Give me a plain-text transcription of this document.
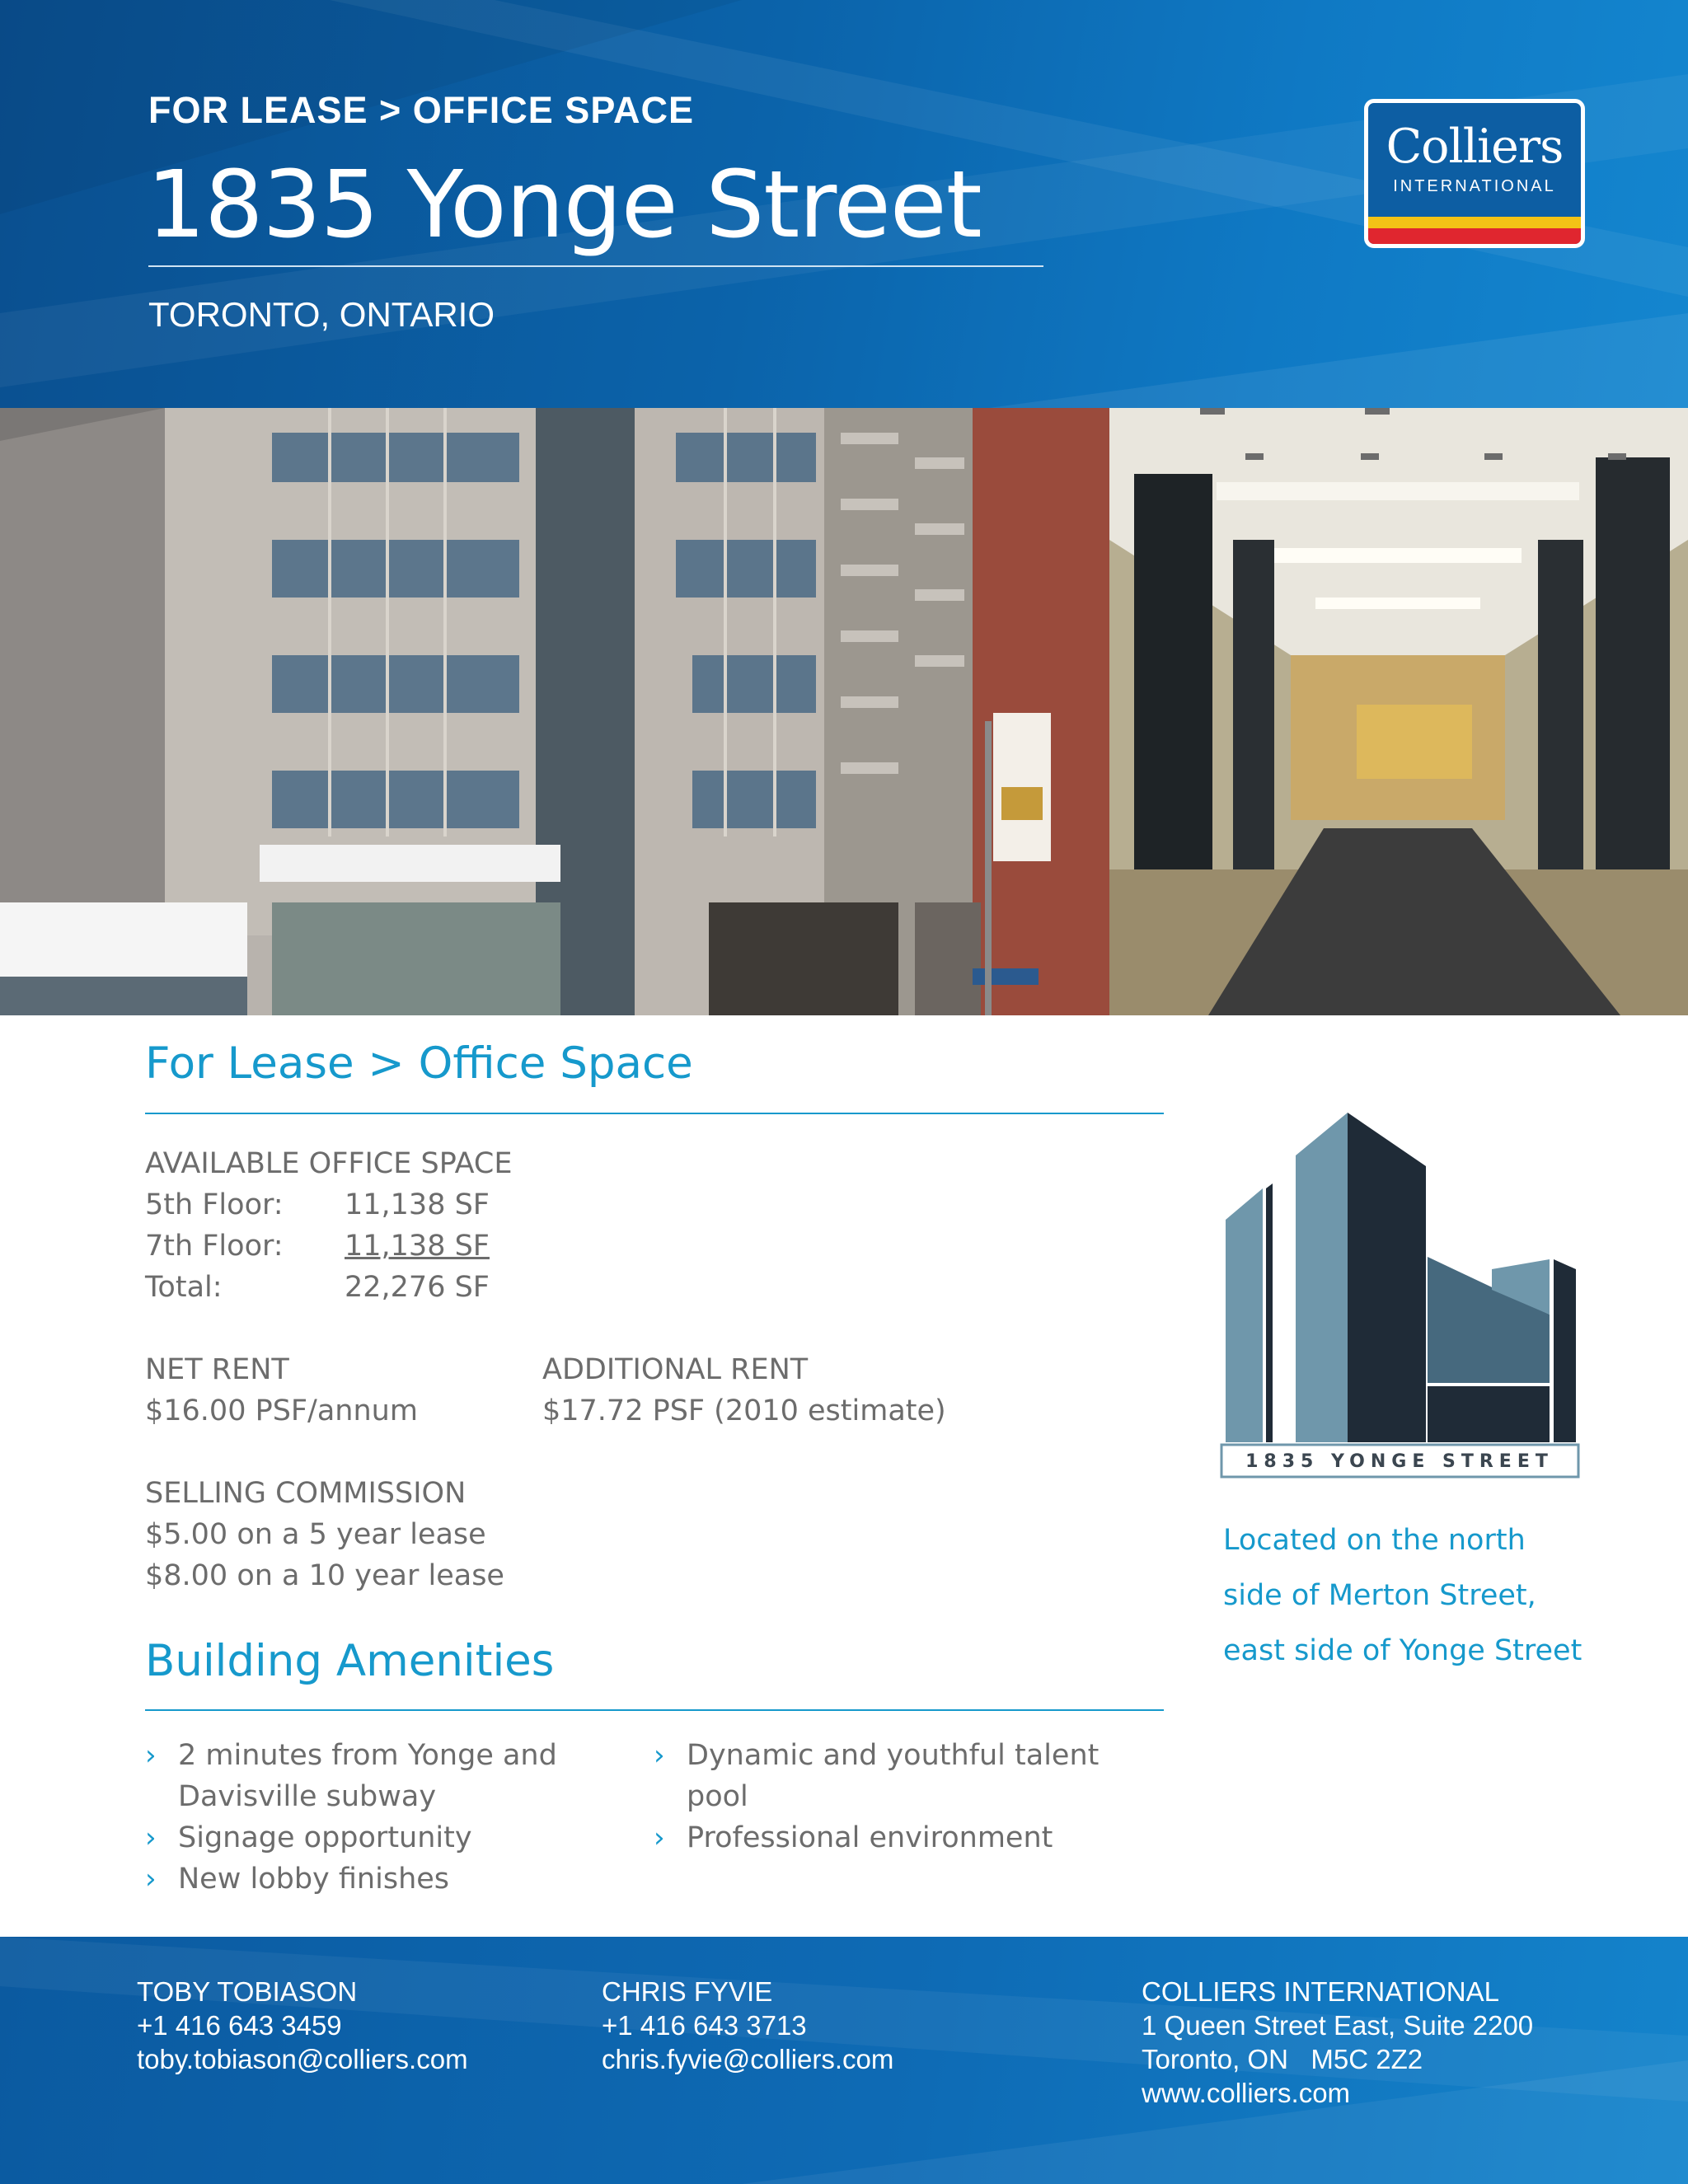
FOR LEASE > OFFICE SPACE
1835 Yonge Street
TORONTO, ONTARIO
Colliers
INTERNATIONAL
For Lease > Office Space
AVAILABLE OFFICE SPACE
5th Floor: 11,138 SF
7th Floor: 11,138 SF
Total:	22,276 SF
NET RENT
$16.00 PSF/annum
ADDITIONAL RENT
$17.72 PSF (2010 estimate)
SELLING COMMISSION
$5.00 on a 5 year lease
$8.00 on a 10 year lease
1835 YONGE STREET
Located on the north
side of Merton Street,
east side of Yonge Street
Building Amenities
› 2 minutes from Yonge and Davisville subway
› Signage opportunity
› New lobby finishes
› Dynamic and youthful talent pool
› Professional environment
TOBY TOBIASON
+1 416 643 3459
toby.tobiason@colliers.com
CHRIS FYVIE
+1 416 643 3713
chris.fyvie@colliers.com
COLLIERS INTERNATIONAL
1 Queen Street East, Suite 2200
Toronto, ON   M5C 2Z2
www.colliers.com
